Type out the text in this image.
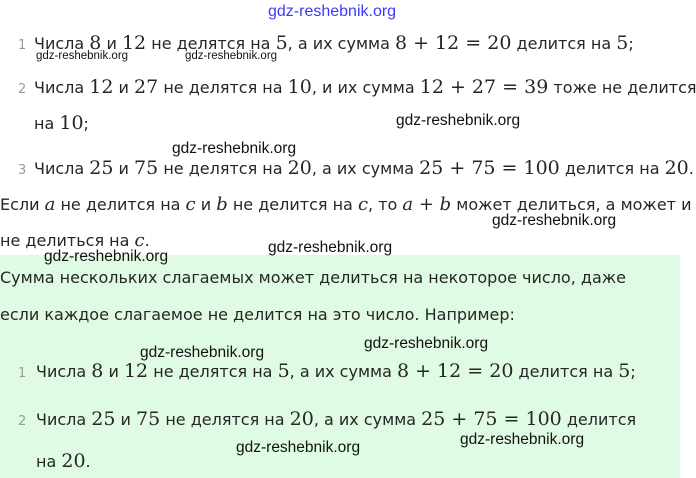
gdz-reshebnik.org
1 Числа 8 и 12 не делятся на 5, а их сумма 8 + 12 = 20 делится на 5;
gdz-reshebnik.org	gdz-reshebnik.org
2 Числа 12 и 27 не делятся на 10, и их сумма 12 + 27 = 39 тоже не делится
на 10;	gdz-reshebnik.org
gdz-reshebnik.org
3 Числа 25 и 75 не делятся на 20, а их сумма 25 + 75 = 100 делится на 20.
Если a не делится на c и b не делится на c, то a + b может делиться, а может и
не делиться на c.
gdz-reshebnik.org
gdz-reshebnik.org
gdz-reshebnik.org
Сумма нескольких слагаемых может делиться на некоторое число, даже
если каждое слагаемое не делится на это число. Например:
gdz-reshebnik.org
gdz-reshebnik.org
1 Числа 8 и 12 не делятся на 5, а их сумма 8 + 12 = 20 делится на 5;
2 Числа 25 и 75 не делятся на 20, а их сумма 25 + 75 = 100 делится
на 20.
gdz-reshebnik.org
gdz-reshebnik.org
